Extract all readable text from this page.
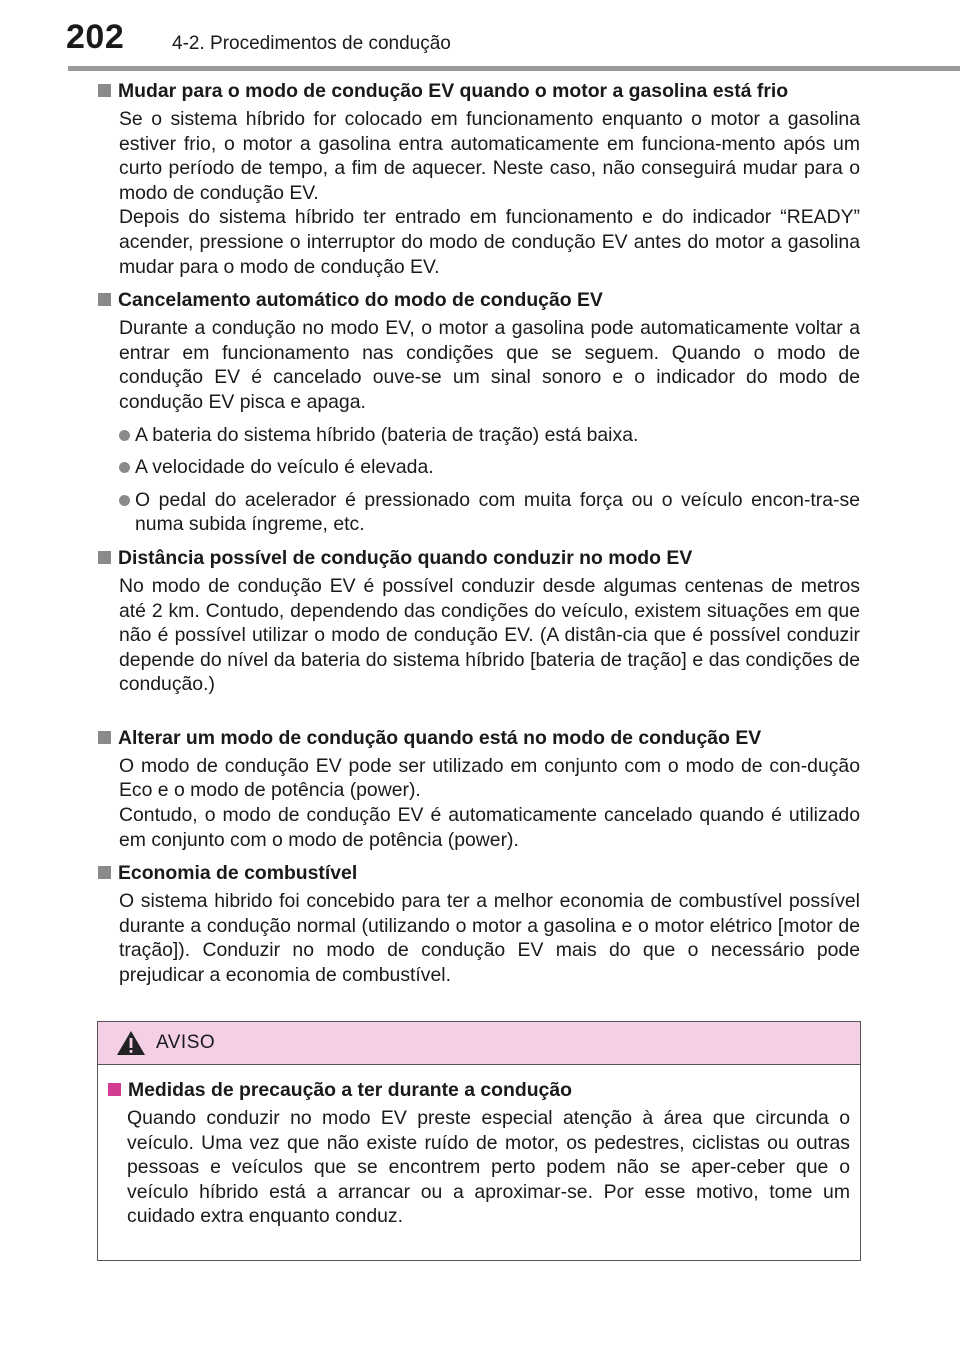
202	4-2. Procedimentos de condução
Mudar para o modo de condução EV quando o motor a gasolina está frio
Se o sistema híbrido for colocado em funcionamento enquanto o motor a gasolina estiver frio, o motor a gasolina entra automaticamente em funciona-mento após um curto período de tempo, a fim de aquecer. Neste caso, não conseguirá mudar para o modo de condução EV.
Depois do sistema híbrido ter entrado em funcionamento e do indicador “READY” acender, pressione o interruptor do modo de condução EV antes do motor a gasolina mudar para o modo de condução EV.
Cancelamento automático do modo de condução EV
Durante a condução no modo EV, o motor a gasolina pode automaticamente voltar a entrar em funcionamento nas condições que se seguem. Quando o modo de condução EV é cancelado ouve-se um sinal sonoro e o indicador do modo de condução EV pisca e apaga.
A bateria do sistema híbrido (bateria de tração) está baixa.
A velocidade do veículo é elevada.
O pedal do acelerador é pressionado com muita força ou o veículo encon-tra-se numa subida íngreme, etc.
Distância possível de condução quando conduzir no modo EV
No modo de condução EV é possível conduzir desde algumas centenas de metros até 2 km. Contudo, dependendo das condições do veículo, existem situações em que não é possível utilizar o modo de condução EV. (A distân-cia que é possível conduzir depende do nível da bateria do sistema híbrido [bateria de tração] e das condições de condução.)
Alterar um modo de condução quando está no modo de condução EV
O modo de condução EV pode ser utilizado em conjunto com o modo de con-dução Eco e o modo de potência (power).
Contudo, o modo de condução EV é automaticamente cancelado quando é utilizado em conjunto com o modo de potência (power).
Economia de combustível
O sistema hibrido foi concebido para ter a melhor economia de combustível possível durante a condução normal (utilizando o motor a gasolina e o motor elétrico [motor de tração]). Conduzir no modo de condução EV mais do que o necessário pode prejudicar a economia de combustível.
AVISO
Medidas de precaução a ter durante a condução
Quando conduzir no modo EV preste especial atenção à área que circunda o veículo. Uma vez que não existe ruído de motor, os pedestres, ciclistas ou outras pessoas e veículos que se encontrem perto podem não se aper-ceber que o veículo híbrido está a arrancar ou a aproximar-se. Por esse motivo, tome um cuidado extra enquanto conduz.
